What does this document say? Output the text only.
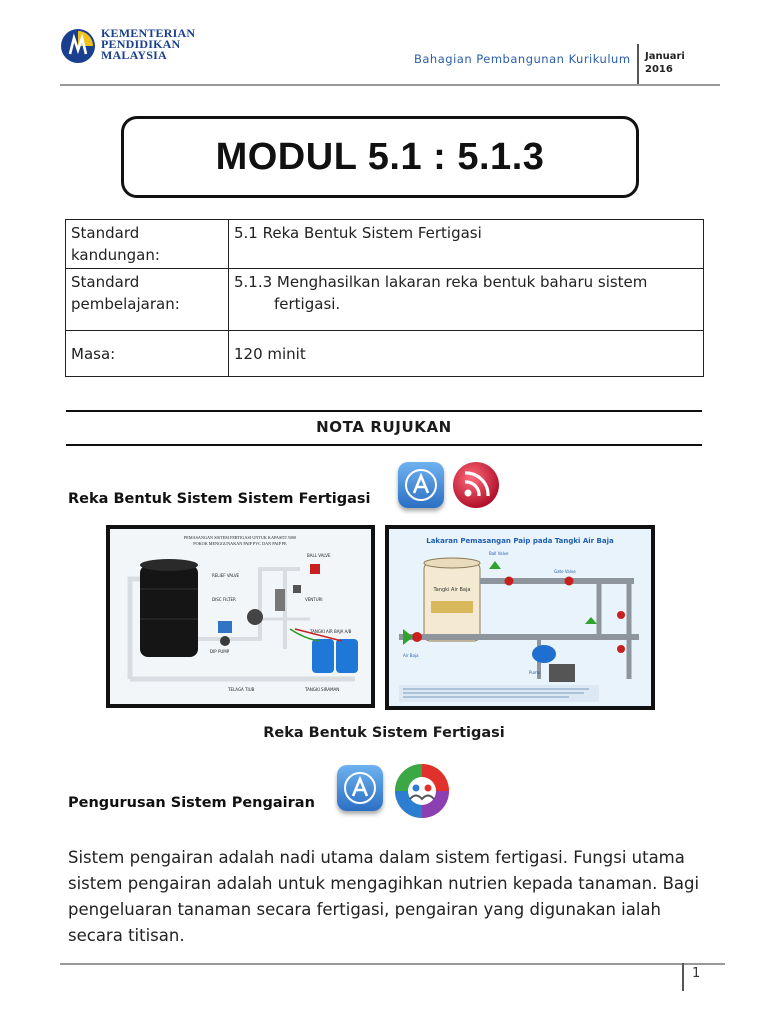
KEMENTERIAN
PENDIDIKAN
MALAYSIA	Bahagian Pembangunan Kurikulum Januari
2016
MODUL 5.1 : 5.1.3
Standard kandungan:	5.1 Reka Bentuk Sistem Fertigasi
Standard pembelajaran:	5.1.3 Menghasilkan lakaran reka bentuk baharu sistem
fertigasi.

Masa:	120 minit
NOTA RUJUKAN
Reka Bentuk Sistem Sistem Fertigasi
PEMASANGAN SISTEM FERTIGASI UNTUK KAPASITI 5000
POKOK MENGGUNAKAN PAIP PVC DAN PAIP PE
BALL VALVE
RELIEF VALVE
DISC FILTER	VENTURI
TANGKI AIR BAJA A/B
DIP PUMP
TELAGA TIUB	TANGKI SIRAMAN
Lakaran Pemasangan Paip pada Tangki Air Baja
Tangki Air Baja
Ball Valve
Gate Valve
Air Baja
Pump
Reka Bentuk Sistem Fertigasi
Pengurusan Sistem Pengairan
Sistem pengairan adalah nadi utama dalam sistem fertigasi. Fungsi utama sistem pengairan adalah untuk mengagihkan nutrien kepada tanaman. Bagi pengeluaran tanaman secara fertigasi, pengairan yang digunakan ialah secara titisan.
1
